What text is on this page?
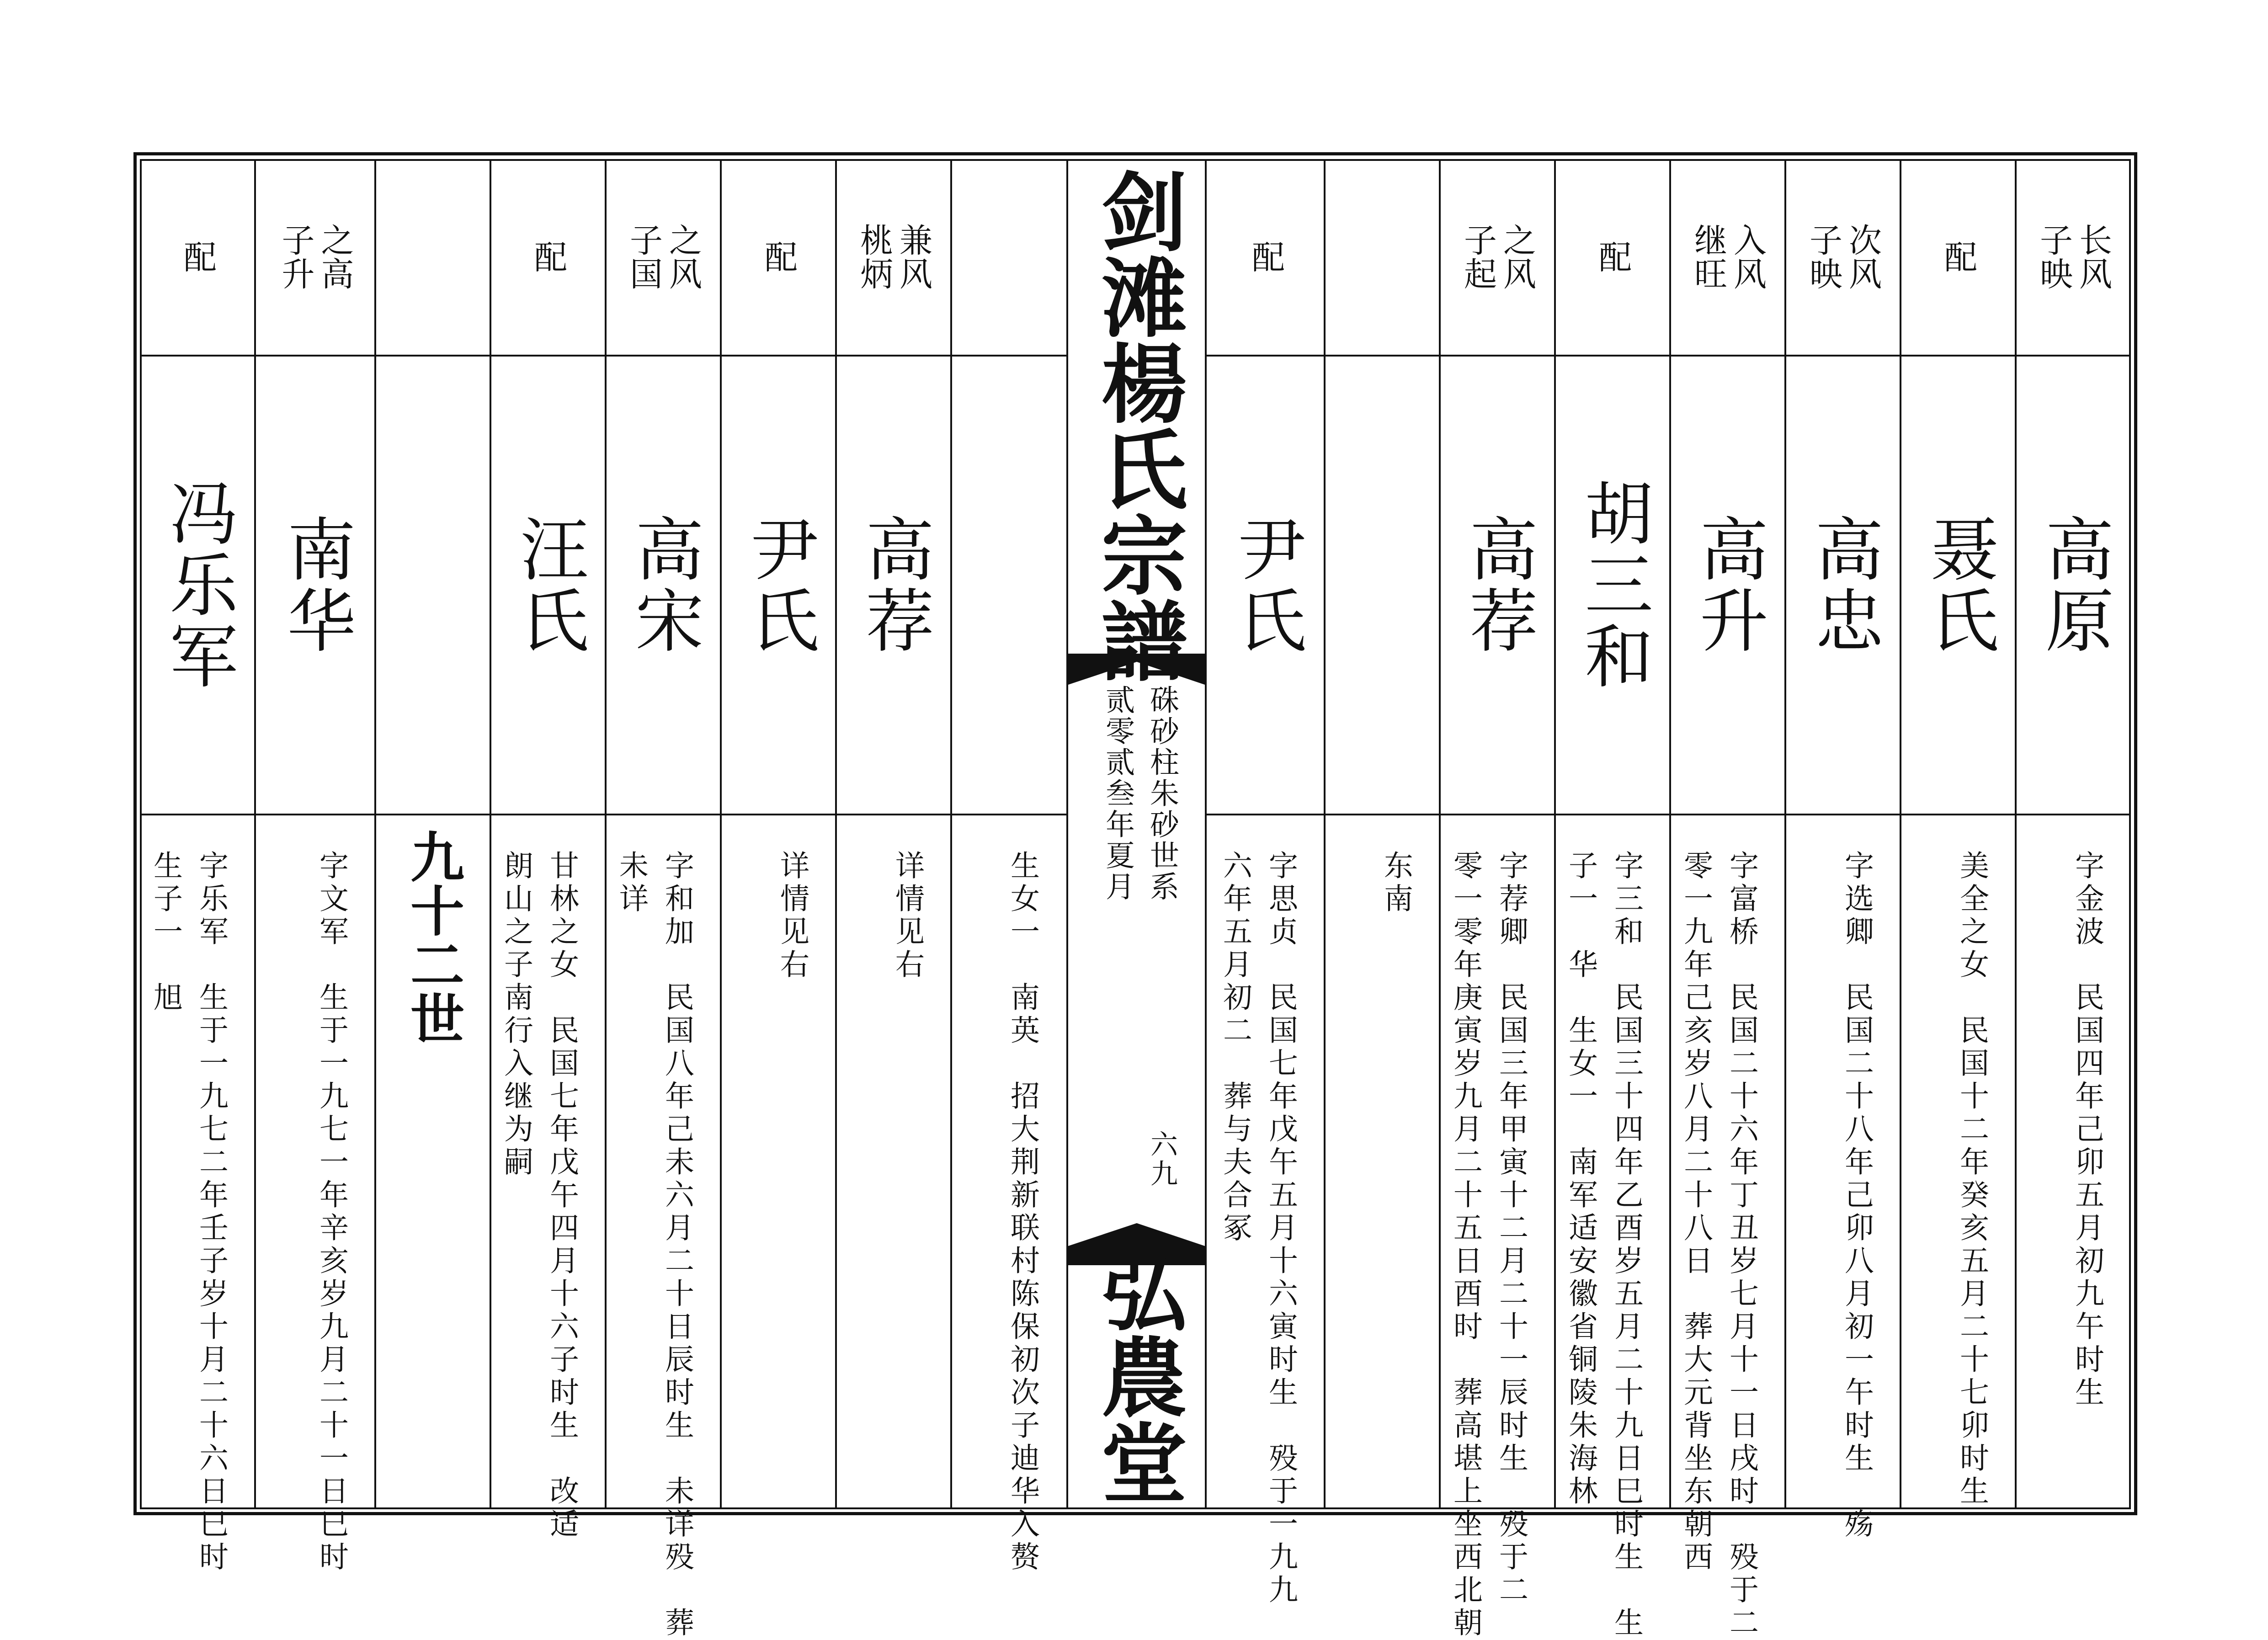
长风
子映
高原
字金波　民国四年己卯五月初九午时生
配
聂氏
美全之女　民国十二年癸亥五月二十七卯时生
次风
子映
高忠
字选卿　民国二十八年己卯八月初一午时生　殇
入风
继旺
高升
字富桥　民国二十六年丁丑岁七月十一日戌时　殁于二
零一九年己亥岁八月二十八日　葬大元背坐东朝西
配
胡三和
字三和　民国三十四年乙酉岁五月二十九日巳时生　生
子一　华　生女一　南军适安徽省铜陵朱海林
之风
子起
高荐
字荐卿　民国三年甲寅十二月二十一辰时生　殁于二
零一零年庚寅岁九月二十五日酉时　葬高堪上坐西北朝
东南
配
尹氏
字思贞　民国七年戊午五月十六寅时生　殁于一九九
六年五月初二　葬与夫合冢
剑滩楊氏宗譜
硃砂柱朱砂世系
贰零贰叁年夏月
六九
弘農堂
生女一　南英　招大荆新联村陈保初次子迪华入赘
兼风
桃炳
高荐
详情见右
配
尹氏
详情见右
之风
子国
高宋
字和加　民国八年己未六月二十日辰时生　未详殁　葬
未详
配
汪氏
甘林之女　民国七年戊午四月十六子时生　改适
朗山之子南行入继为嗣
九十二世
之高
子升
南华
字文军　生于一九七一年辛亥岁九月二十一日巳时
配
冯乐军
字乐军　生于一九七二年壬子岁十月二十六日巳时
生子一　旭
